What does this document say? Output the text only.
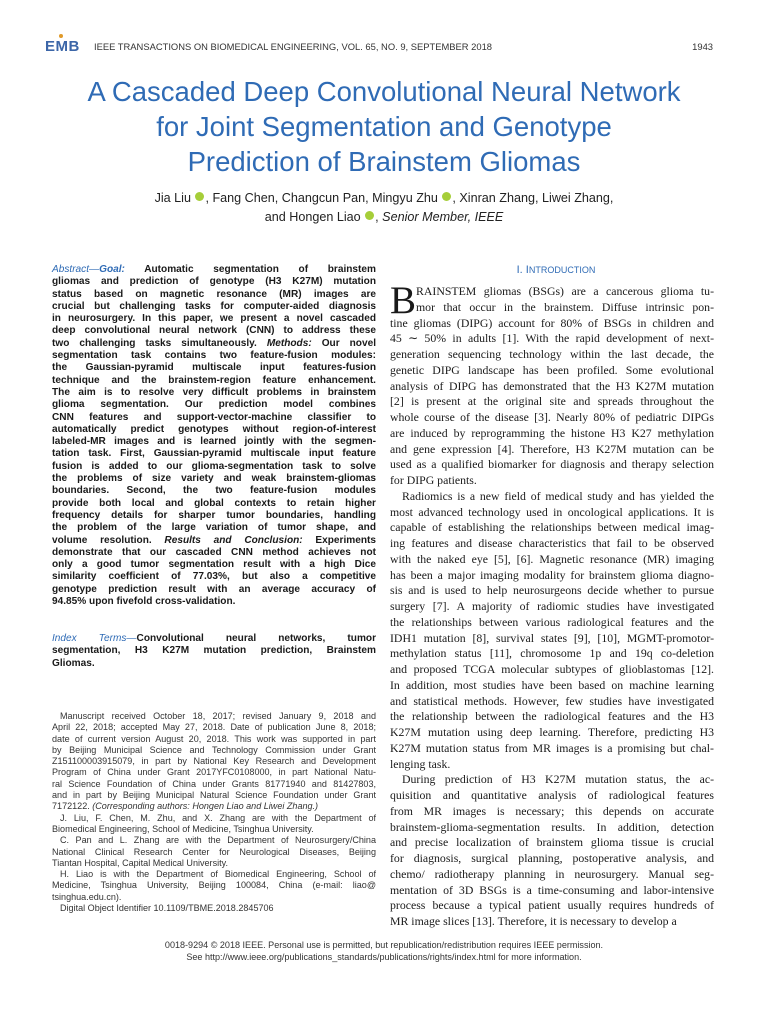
EMB IEEE TRANSACTIONS ON BIOMEDICAL ENGINEERING, VOL. 65, NO. 9, SEPTEMBER 2018	1943
A Cascaded Deep Convolutional Neural Network
for Joint Segmentation and Genotype
Prediction of Brainstem Gliomas
Jia Liu , Fang Chen, Changcun Pan, Mingyu Zhu , Xinran Zhang, Liwei Zhang,
and Hongen Liao , Senior Member, IEEE
Abstract—Goal: Automatic segmentation of brainstem
gliomas and prediction of genotype (H3 K27M) mutation
status based on magnetic resonance (MR) images are
crucial but challenging tasks for computer-aided diagnosis
in neurosurgery. In this paper, we present a novel cascaded
deep convolutional neural network (CNN) to address these
two challenging tasks simultaneously. Methods: Our novel
segmentation task contains two feature-fusion modules:
the Gaussian-pyramid multiscale input features-fusion
technique and the brainstem-region feature enhancement.
The aim is to resolve very difficult problems in brainstem
glioma segmentation. Our prediction model combines
CNN features and support-vector-machine classifier to
automatically predict genotypes without region-of-interest
labeled-MR images and is learned jointly with the segmen-
tation task. First, Gaussian-pyramid multiscale input feature
fusion is added to our glioma-segmentation task to solve
the problems of size variety and weak brainstem-gliomas
boundaries. Second, the two feature-fusion modules
provide both local and global contexts to retain higher
frequency details for sharper tumor boundaries, handling
the problem of the large variation of tumor shape, and
volume resolution. Results and Conclusion: Experiments
demonstrate that our cascaded CNN method achieves not
only a good tumor segmentation result with a high Dice
similarity coefficient of 77.03%, but also a competitive
genotype prediction result with an average accuracy of
94.85% upon fivefold cross-validation.
Index Terms—Convolutional neural networks, tumor
segmentation, H3 K27M mutation prediction, Brainstem
Gliomas.
Manuscript received October 18, 2017; revised January 9, 2018 and
April 22, 2018; accepted May 27, 2018. Date of publication June 8, 2018;
date of current version August 20, 2018. This work was supported in part
by Beijing Municipal Science and Technology Commission under Grant
Z151100003915079, in part by National Key Research and Development
Program of China under Grant 2017YFC0108000, in part National Natu-
ral Science Foundation of China under Grants 81771940 and 81427803,
and in part by Beijing Municipal Natural Science Foundation under Grant
7172122. (Corresponding authors: Hongen Liao and Liwei Zhang.)
J. Liu, F. Chen, M. Zhu, and X. Zhang are with the Department of
Biomedical Engineering, School of Medicine, Tsinghua University.
C. Pan and L. Zhang are with the Department of Neurosurgery/China
National Clinical Research Center for Neurological Diseases, Beijing
Tiantan Hospital, Capital Medical University.
H. Liao is with the Department of Biomedical Engineering, School of
Medicine, Tsinghua University, Beijing 100084, China (e-mail: liao@
tsinghua.edu.cn).
Digital Object Identifier 10.1109/TBME.2018.2845706
I. INTRODUCTION
B RAINSTEM gliomas (BSGs) are a cancerous glioma tu-
mor that occur in the brainstem. Diffuse intrinsic pon-
tine gliomas (DIPG) account for 80% of BSGs in children and
45 ∼ 50% in adults [1]. With the rapid development of next-
generation sequencing technology within the last decade, the
genetic DIPG landscape has been profiled. Some evolutional
analysis of DIPG has demonstrated that the H3 K27M mutation
[2] is present at the original site and spreads throughout the
whole course of the disease [3]. Nearly 80% of pediatric DIPGs
are induced by reprogramming the histone H3 K27 methylation
and gene expression [4]. Therefore, H3 K27M mutation can be
used as a qualified biomarker for diagnosis and therapy selection
for DIPG patients.
Radiomics is a new field of medical study and has yielded the
most advanced technology used in oncological applications. It is
capable of establishing the relationships between medical imag-
ing features and disease characteristics that fail to be observed
with the naked eye [5], [6]. Magnetic resonance (MR) imaging
has been a major imaging modality for brainstem glioma diagno-
sis and is used to help neurosurgeons decide whether to pursue
surgery [7]. A majority of radiomic studies have investigated
the relationships between various radiological features and the
IDH1 mutation [8], survival states [9], [10], MGMT-promotor-
methylation status [11], chromosome 1p and 19q co-deletion
and proposed TCGA molecular subtypes of glioblastomas [12].
In addition, most studies have been based on machine learning
and statistical methods. However, few studies have investigated
the relationship between the radiological features and the H3
K27M mutation using deep learning. Therefore, predicting H3
K27M mutation status from MR images is a promising but chal-
lenging task.
During prediction of H3 K27M mutation status, the ac-
quisition and quantitative analysis of radiological features
from MR images is necessary; this depends on accurate
brainstem-glioma-segmentation results. In addition, detection
and precise localization of brainstem glioma tissue is crucial
for diagnosis, surgical planning, postoperative analysis, and
chemo/ radiotherapy planning in neurosurgery. Manual seg-
mentation of 3D BSGs is a time-consuming and labor-intensive
process because a typical patient usually requires hundreds of
MR image slices [13]. Therefore, it is necessary to develop a
0018-9294 © 2018 IEEE. Personal use is permitted, but republication/redistribution requires IEEE permission.
See http://www.ieee.org/publications_standards/publications/rights/index.html for more information.
